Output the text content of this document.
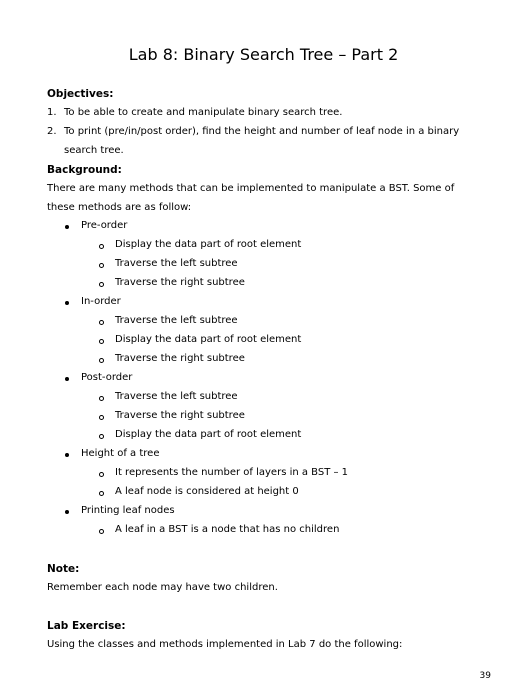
Lab 8: Binary Search Tree – Part 2
Objectives:
1. To be able to create and manipulate binary search tree.
2. To print (pre/in/post order), find the height and number of leaf node in a binary
search tree.
Background:
There are many methods that can be implemented to manipulate a BST. Some of
these methods are as follow:
Pre-order
Display the data part of root element
Traverse the left subtree
Traverse the right subtree
In-order
Traverse the left subtree
Display the data part of root element
Traverse the right subtree
Post-order
Traverse the left subtree
Traverse the right subtree
Display the data part of root element
Height of a tree
It represents the number of layers in a BST – 1
A leaf node is considered at height 0
Printing leaf nodes
A leaf in a BST is a node that has no children
Note:
Remember each node may have two children.
Lab Exercise:
Using the classes and methods implemented in Lab 7 do the following:
39
